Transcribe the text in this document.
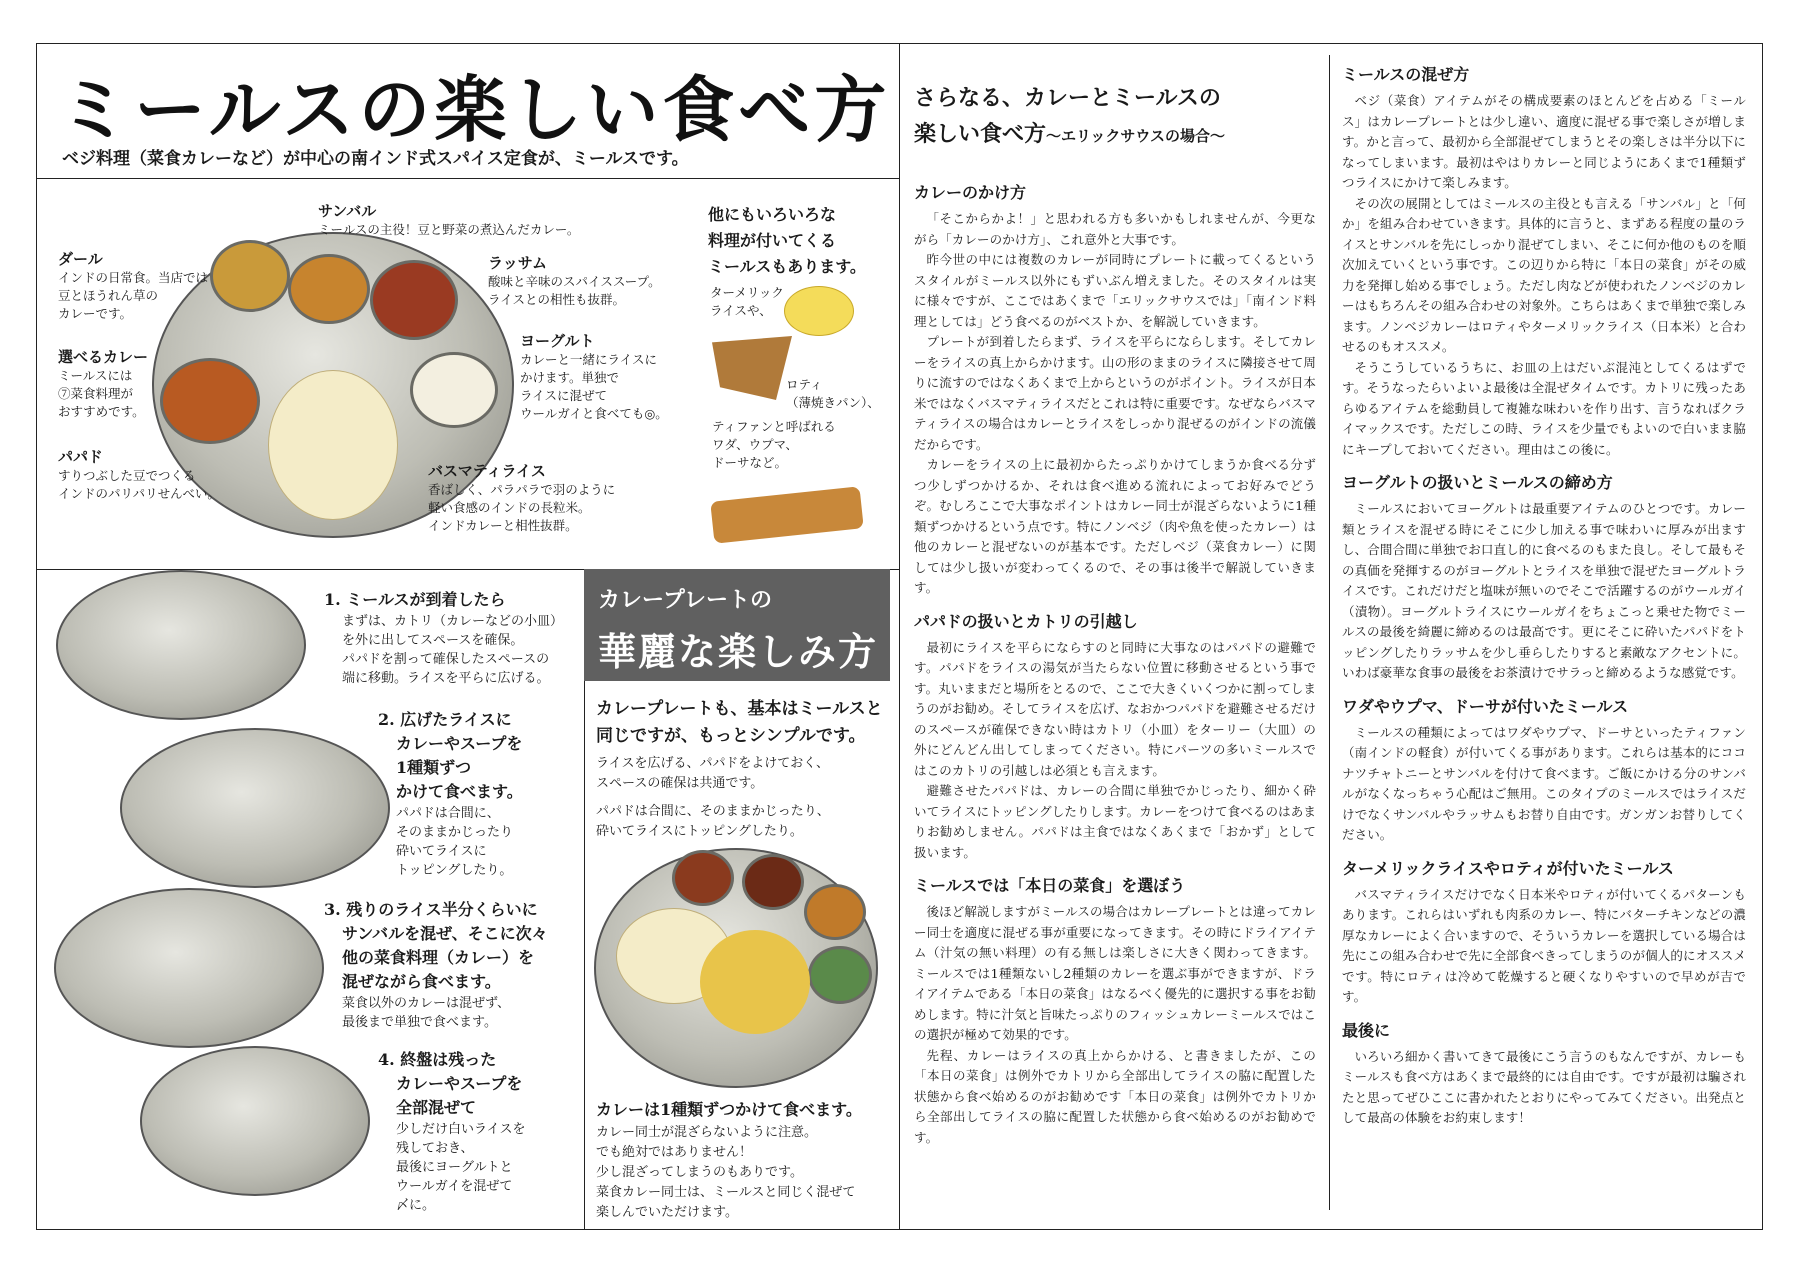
ミールスの楽しい食べ方
ベジ料理（菜食カレーなど）が中心の南インド式スパイス定食が、ミールスです。
サンバル
ミールスの主役！豆と野菜の煮込んだカレー。
ダール
インドの日常食。当店では
豆とほうれん草の
カレーです。
ラッサム
酸味と辛味のスパイススープ。
ライスとの相性も抜群。
選べるカレー
ミールスには
⑦菜食料理が
おすすめです。
ヨーグルト
カレーと一緒にライスに
かけます。単独で
ライスに混ぜて
ウールガイと食べても◎。
パパド
すりつぶした豆でつくる
インドのパリパリせんべい。
バスマティライス
香ばしく、パラパラで羽のように
軽い食感のインドの長粒米。
インドカレーと相性抜群。
他にもいろいろな
料理が付いてくる
ミールスもあります。
ターメリック
ライスや、
ロティ
（薄焼きパン）、
ティファンと呼ばれる
ワダ、ウプマ、
ドーサなど。
1. ミールスが到着したら
まずは、カトリ（カレーなどの小皿）
を外に出してスペースを確保。
パパドを割って確保したスペースの
端に移動。ライスを平らに広げる。
2. 広げたライスに
カレーやスープを
1種類ずつ
かけて食べます。
パパドは合間に、
そのままかじったり
砕いてライスに
トッピングしたり。
3. 残りのライス半分くらいに
サンバルを混ぜ、そこに次々
他の菜食料理（カレー）を
混ぜながら食べます。
菜食以外のカレーは混ぜず、
最後まで単独で食べます。
4. 終盤は残った
カレーやスープを
全部混ぜて
少しだけ白いライスを
残しておき、
最後にヨーグルトと
ウールガイを混ぜて
〆に。
カレープレートの
華麗な楽しみ方
カレープレートも、基本はミールスと
同じですが、もっとシンプルです。
ライスを広げる、パパドをよけておく、
スペースの確保は共通です。
パパドは合間に、そのままかじったり、
砕いてライスにトッピングしたり。
カレーは1種類ずつかけて食べます。
カレー同士が混ざらないように注意。
でも絶対ではありません！
少し混ざってしまうのもありです。
菜食カレー同士は、ミールスと同じく混ぜて
楽しんでいただけます。
さらなる、カレーとミールスの
楽しい食べ方〜エリックサウスの場合〜
カレーのかけ方

「そこからかよ！」と思われる方も多いかもしれませんが、今更ながら「カレーのかけ方」、これ意外と大事です。

昨今世の中には複数のカレーが同時にプレートに載ってくるというスタイルがミールス以外にもずいぶん増えました。そのスタイルは実に様々ですが、ここではあくまで「エリックサウスでは」「南インド料理としては」どう食べるのがベストか、を解説していきます。

プレートが到着したらまず、ライスを平らにならします。そしてカレーをライスの真上からかけます。山の形のままのライスに隣接させて周りに流すのではなくあくまで上からというのがポイント。ライスが日本米ではなくバスマティライスだとこれは特に重要です。なぜならバスマティライスの場合はカレーとライスをしっかり混ぜるのがインドの流儀だからです。

カレーをライスの上に最初からたっぷりかけてしまうか食べる分ずつ少しずつかけるか、それは食べ進める流れによってお好みでどうぞ。むしろここで大事なポイントはカレー同士が混ざらないように1種類ずつかけるという点です。特にノンベジ（肉や魚を使ったカレー）は他のカレーと混ぜないのが基本です。ただしベジ（菜食カレー）に関しては少し扱いが変わってくるので、その事は後半で解説していきます。

パパドの扱いとカトリの引越し

最初にライスを平らにならすのと同時に大事なのはパパドの避難です。パパドをライスの湯気が当たらない位置に移動させるという事です。丸いままだと場所をとるので、ここで大きくいくつかに割ってしまうのがお勧め。そしてライスを広げ、なおかつパパドを避難させるだけのスペースが確保できない時はカトリ（小皿）をターリー（大皿）の外にどんどん出してしまってください。特にパーツの多いミールスではこのカトリの引越しは必須とも言えます。

避難させたパパドは、カレーの合間に単独でかじったり、細かく砕いてライスにトッピングしたりします。カレーをつけて食べるのはあまりお勧めしません。パパドは主食ではなくあくまで「おかず」として扱います。

ミールスでは「本日の菜食」を選ぼう

後ほど解説しますがミールスの場合はカレープレートとは違ってカレー同士を適度に混ぜる事が重要になってきます。その時にドライアイテム（汁気の無い料理）の有る無しは楽しさに大きく関わってきます。ミールスでは1種類ないし2種類のカレーを選ぶ事ができますが、ドライアイテムである「本日の菜食」はなるべく優先的に選択する事をお勧めします。特に汁気と旨味たっぷりのフィッシュカレーミールスではこの選択が極めて効果的です。

先程、カレーはライスの真上からかける、と書きましたが、この「本日の菜食」は例外でカトリから全部出してライスの脇に配置した状態から食べ始めるのがお勧めです「本日の菜食」は例外でカトリから全部出してライスの脇に配置した状態から食べ始めるのがお勧めです。

ミールスの混ぜ方

ベジ（菜食）アイテムがその構成要素のほとんどを占める「ミールス」はカレープレートとは少し違い、適度に混ぜる事で楽しさが増します。かと言って、最初から全部混ぜてしまうとその楽しさは半分以下になってしまいます。最初はやはりカレーと同じようにあくまで1種類ずつライスにかけて楽しみます。

その次の展開としてはミールスの主役とも言える「サンバル」と「何か」を組み合わせていきます。具体的に言うと、まずある程度の量のライスとサンバルを先にしっかり混ぜてしまい、そこに何か他のものを順次加えていくという事です。この辺りから特に「本日の菜食」がその威力を発揮し始める事でしょう。ただし肉などが使われたノンベジのカレーはもちろんその組み合わせの対象外。こちらはあくまで単独で楽しみます。ノンベジカレーはロティやターメリックライス（日本米）と合わせるのもオススメ。

そうこうしているうちに、お皿の上はだいぶ混沌としてくるはずです。そうなったらいよいよ最後は全混ぜタイムです。カトリに残ったあらゆるアイテムを総動員して複雑な味わいを作り出す、言うなればクライマックスです。ただしこの時、ライスを少量でもよいので白いまま脇にキープしておいてください。理由はこの後に。

ヨーグルトの扱いとミールスの締め方

ミールスにおいてヨーグルトは最重要アイテムのひとつです。カレー類とライスを混ぜる時にそこに少し加える事で味わいに厚みが出ますし、合間合間に単独でお口直し的に食べるのもまた良し。そして最もその真価を発揮するのがヨーグルトとライスを単独で混ぜたヨーグルトライスです。これだけだと塩味が無いのでそこで活躍するのがウールガイ（漬物）。ヨーグルトライスにウールガイをちょこっと乗せた物でミールスの最後を綺麗に締めるのは最高です。更にそこに砕いたパパドをトッピングしたりラッサムを少し垂らしたりすると素敵なアクセントに。いわば豪華な食事の最後をお茶漬けでサラっと締めるような感覚です。

ワダやウプマ、ドーサが付いたミールス

ミールスの種類によってはワダやウプマ、ドーサといったティファン（南インドの軽食）が付いてくる事があります。これらは基本的にココナツチャトニーとサンバルを付けて食べます。ご飯にかける分のサンバルがなくなっちゃう心配はご無用。このタイプのミールスではライスだけでなくサンバルやラッサムもお替り自由です。ガンガンお替りしてください。

ターメリックライスやロティが付いたミールス

バスマティライスだけでなく日本米やロティが付いてくるパターンもあります。これらはいずれも肉系のカレー、特にバターチキンなどの濃厚なカレーによく合いますので、そういうカレーを選択している場合は先にこの組み合わせで先に全部食べきってしまうのが個人的にオススメです。特にロティは冷めて乾燥すると硬くなりやすいので早めが吉です。

最後に

いろいろ細かく書いてきて最後にこう言うのもなんですが、カレーもミールスも食べ方はあくまで最終的には自由です。ですが最初は騙されたと思ってぜひここに書かれたとおりにやってみてください。出発点として最高の体験をお約束します！
